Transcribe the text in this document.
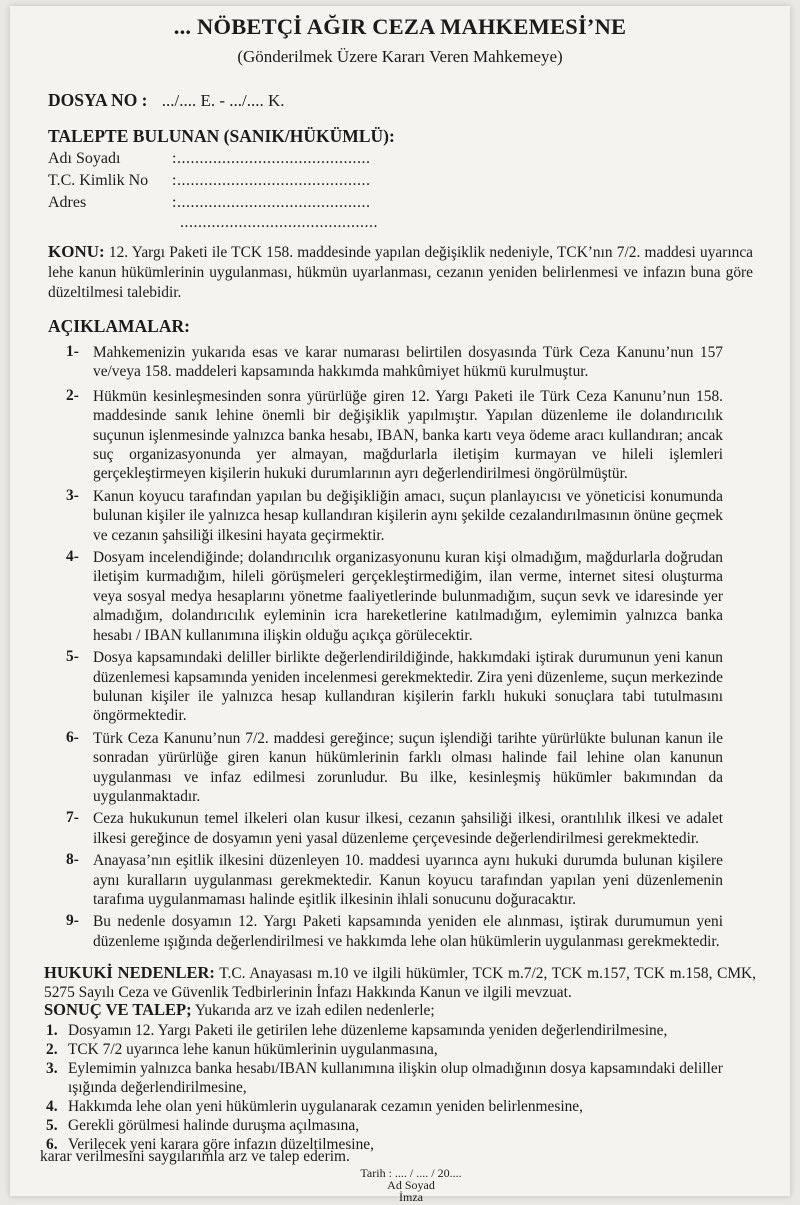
... NÖBETÇİ AĞIR CEZA MAHKEMESİ’NE
(Gönderilmek Üzere Kararı Veren Mahkemeye)
DOSYA NO : .../.... E. - .../.... K.
TALEPTE BULUNAN (SANIK/HÜKÜMLÜ):
Adı Soyadı	:...........................................
T.C. Kimlik No :...........................................
Adres	:...........................................
............................................
KONU: 12. Yargı Paketi ile TCK 158. maddesinde yapılan değişiklik nedeniyle, TCK’nın 7/2. maddesi uyarınca lehe kanun hükümlerinin uygulanması, hükmün uyarlanması, cezanın yeniden belirlenmesi ve infazın buna göre düzeltilmesi talebidir.
AÇIKLAMALAR:
1- Mahkemenizin yukarıda esas ve karar numarası belirtilen dosyasında Türk Ceza Kanunu’nun 157 ve/veya 158. maddeleri kapsamında hakkımda mahkûmiyet hükmü kurulmuştur.
2- Hükmün kesinleşmesinden sonra yürürlüğe giren 12. Yargı Paketi ile Türk Ceza Kanunu’nun 158. maddesinde sanık lehine önemli bir değişiklik yapılmıştır. Yapılan düzenleme ile dolandırıcılık suçunun işlenmesinde yalnızca banka hesabı, IBAN, banka kartı veya ödeme aracı kullandıran; ancak suç organizasyonunda yer almayan, mağdurlarla iletişim kurmayan ve hileli işlemleri gerçekleştirmeyen kişilerin hukuki durumlarının ayrı değerlendirilmesi öngörülmüştür.
3- Kanun koyucu tarafından yapılan bu değişikliğin amacı, suçun planlayıcısı ve yöneticisi konumunda bulunan kişiler ile yalnızca hesap kullandıran kişilerin aynı şekilde cezalandırılmasının önüne geçmek ve cezanın şahsiliği ilkesini hayata geçirmektir.
4- Dosyam incelendiğinde; dolandırıcılık organizasyonunu kuran kişi olmadığım, mağdurlarla doğrudan iletişim kurmadığım, hileli görüşmeleri gerçekleştirmediğim, ilan verme, internet sitesi oluşturma veya sosyal medya hesaplarını yönetme faaliyetlerinde bulunmadığım, suçun sevk ve idaresinde yer almadığım, dolandırıcılık eyleminin icra hareketlerine katılmadığım, eylemimin yalnızca banka hesabı / IBAN kullanımına ilişkin olduğu açıkça görülecektir.
5- Dosya kapsamındaki deliller birlikte değerlendirildiğinde, hakkımdaki iştirak durumunun yeni kanun düzenlemesi kapsamında yeniden incelenmesi gerekmektedir. Zira yeni düzenleme, suçun merkezinde bulunan kişiler ile yalnızca hesap kullandıran kişilerin farklı hukuki sonuçlara tabi tutulmasını öngörmektedir.
6- Türk Ceza Kanunu’nun 7/2. maddesi gereğince; suçun işlendiği tarihte yürürlükte bulunan kanun ile sonradan yürürlüğe giren kanun hükümlerinin farklı olması halinde fail lehine olan kanunun uygulanması ve infaz edilmesi zorunludur. Bu ilke, kesinleşmiş hükümler bakımından da uygulanmaktadır.
7- Ceza hukukunun temel ilkeleri olan kusur ilkesi, cezanın şahsiliği ilkesi, orantılılık ilkesi ve adalet ilkesi gereğince de dosyamın yeni yasal düzenleme çerçevesinde değerlendirilmesi gerekmektedir.
8- Anayasa’nın eşitlik ilkesini düzenleyen 10. maddesi uyarınca aynı hukuki durumda bulunan kişilere aynı kuralların uygulanması gerekmektedir. Kanun koyucu tarafından yapılan yeni düzenlemenin tarafıma uygulanmaması halinde eşitlik ilkesinin ihlali sonucunu doğuracaktır.
9- Bu nedenle dosyamın 12. Yargı Paketi kapsamında yeniden ele alınması, iştirak durumumun yeni düzenleme ışığında değerlendirilmesi ve hakkımda lehe olan hükümlerin uygulanması gerekmektedir.
HUKUKİ NEDENLER: T.C. Anayasası m.10 ve ilgili hükümler, TCK m.7/2, TCK m.157, TCK m.158, CMK, 5275 Sayılı Ceza ve Güvenlik Tedbirlerinin İnfazı Hakkında Kanun ve ilgili mevzuat.
SONUÇ VE TALEP; Yukarıda arz ve izah edilen nedenlerle;
1. Dosyamın 12. Yargı Paketi ile getirilen lehe düzenleme kapsamında yeniden değerlendirilmesine,
2. TCK 7/2 uyarınca lehe kanun hükümlerinin uygulanmasına,
3. Eylemimin yalnızca banka hesabı/IBAN kullanımına ilişkin olup olmadığının dosya kapsamındaki deliller ışığında değerlendirilmesine,
4. Hakkımda lehe olan yeni hükümlerin uygulanarak cezamın yeniden belirlenmesine,
5. Gerekli görülmesi halinde duruşma açılmasına,
6. Verilecek yeni karara göre infazın düzeltilmesine,
karar verilmesini saygılarımla arz ve talep ederim.
Tarih : .... / .... / 20....
Ad Soyad
İmza
